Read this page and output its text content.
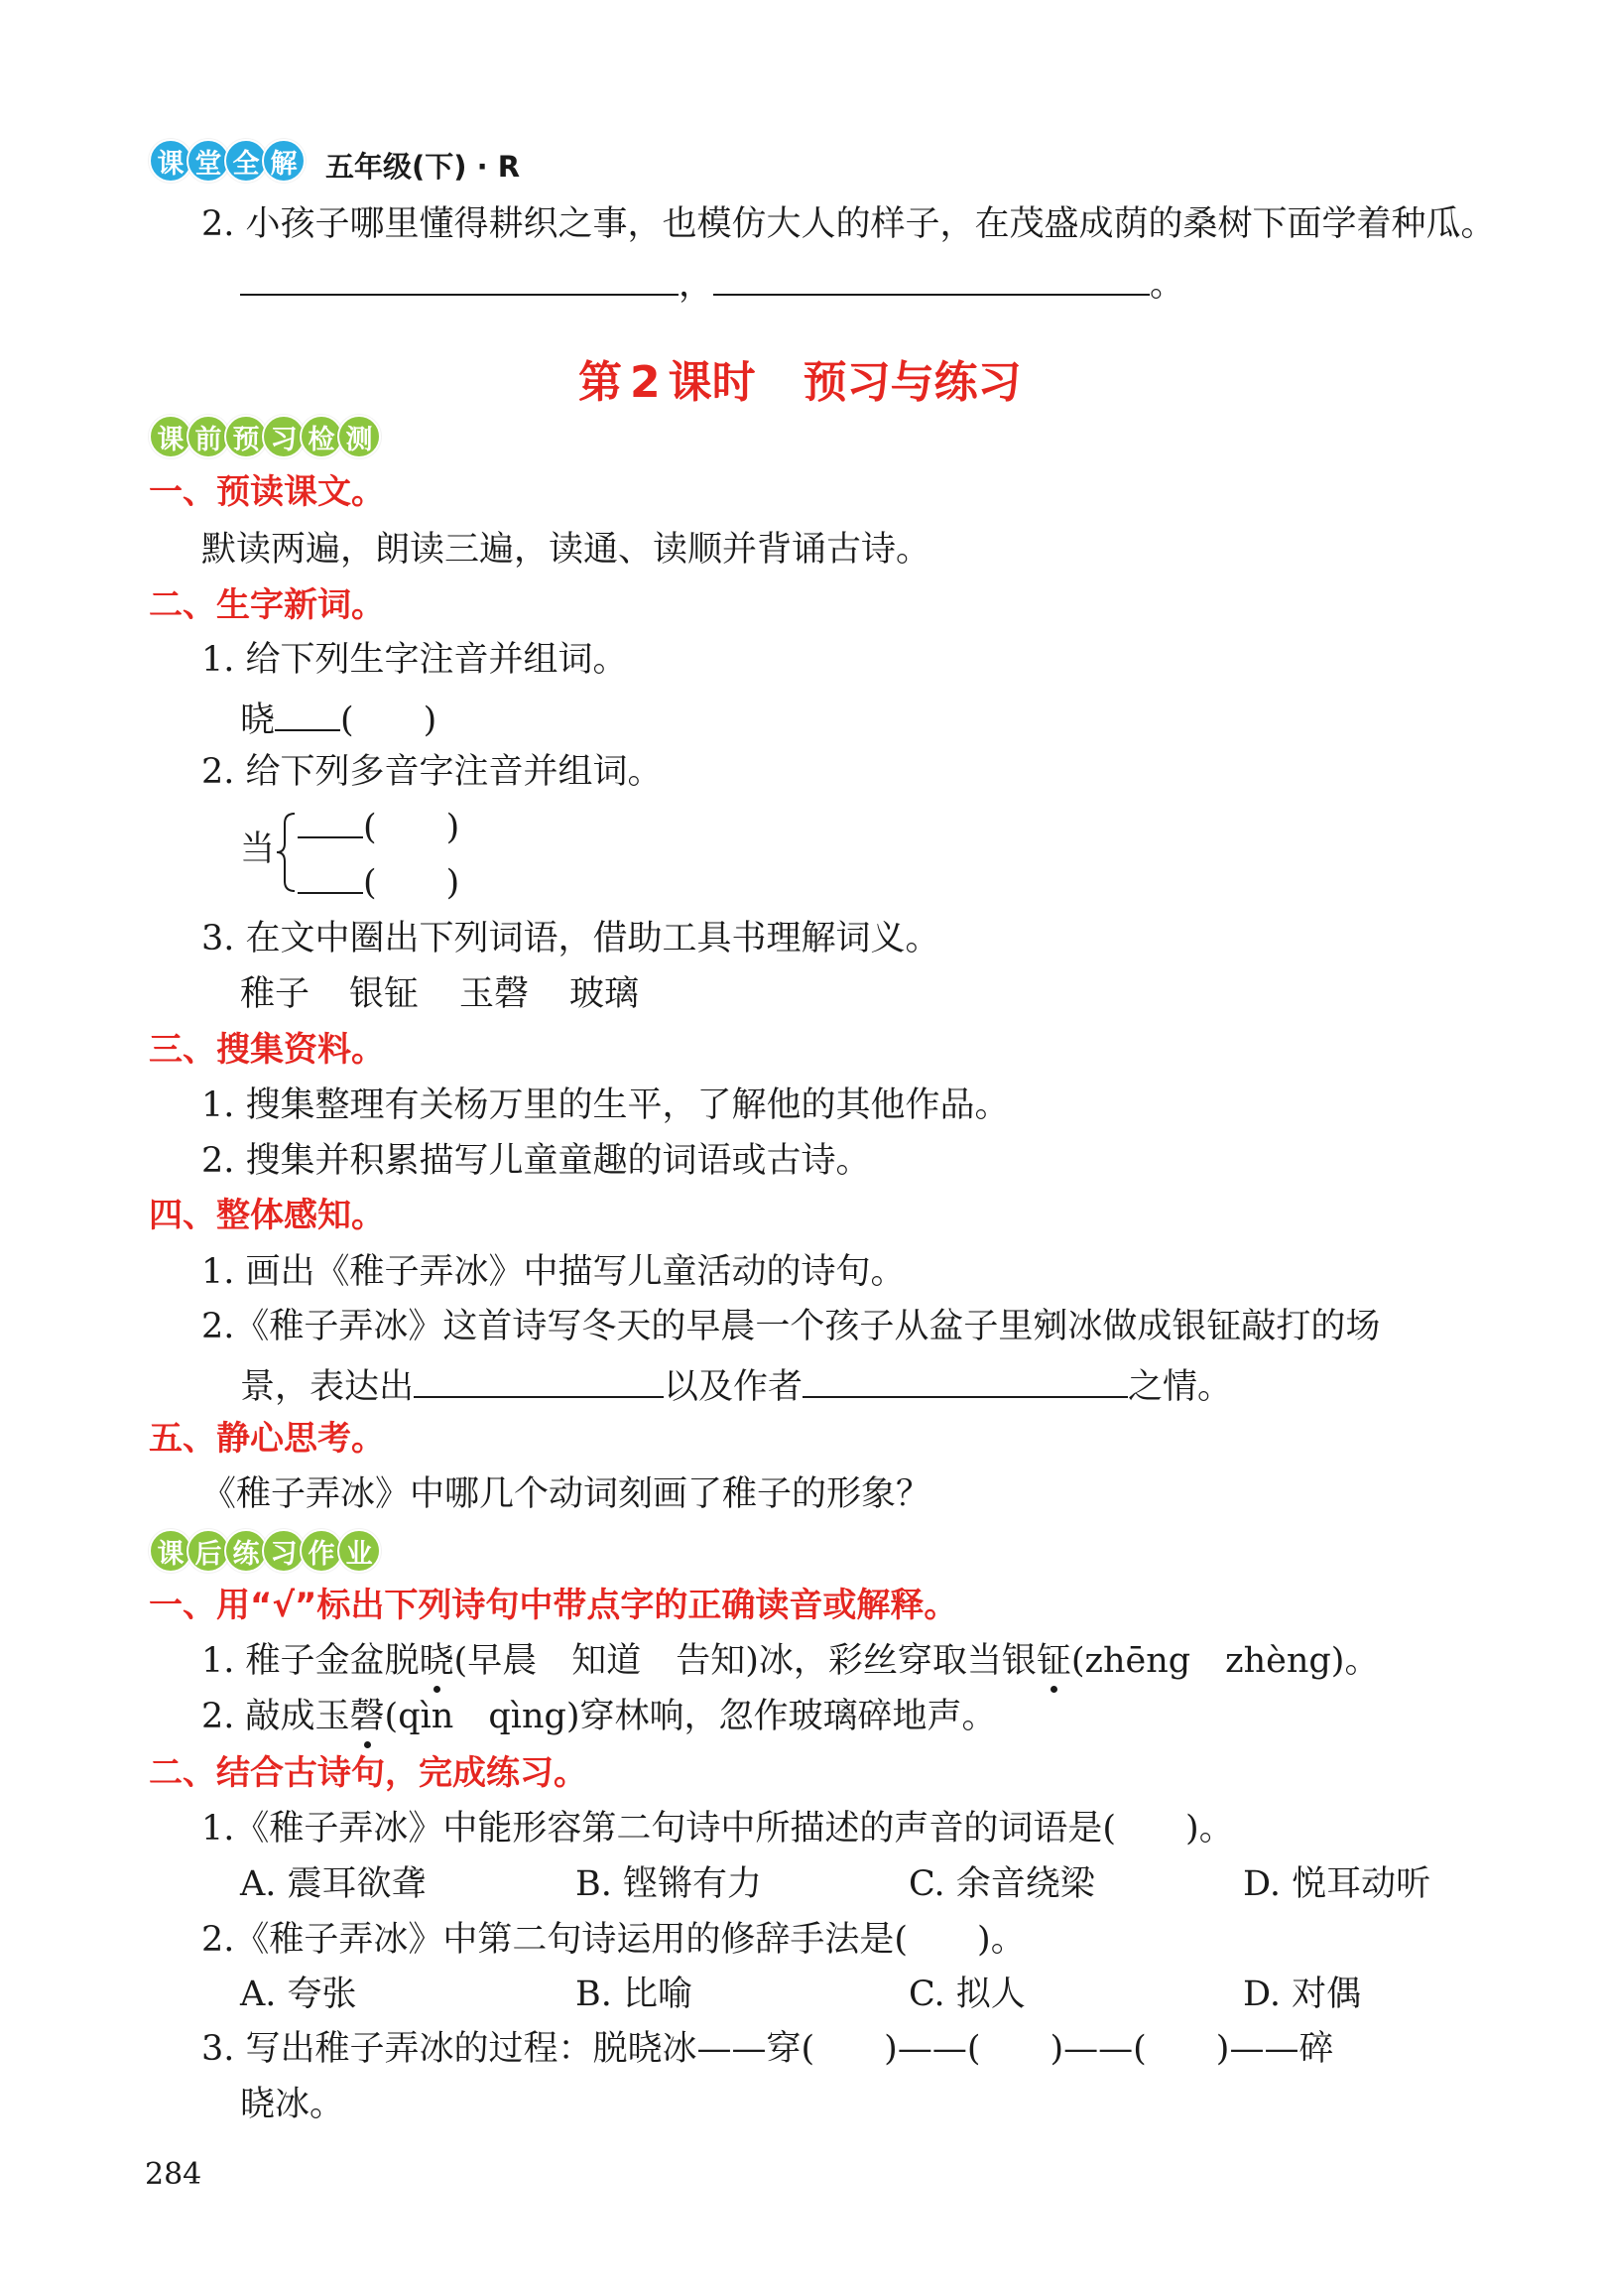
课 堂 全 解 五年级(下) · R
2. 小孩子哪里懂得耕织之事，也模仿大人的样子，在茂盛成荫的桑树下面学着种瓜。
，	。
第 2 课时 预习与练习
课 前 预 习 检 测
一、预读课文。
默读两遍，朗读三遍，读通、读顺并背诵古诗。
二、生字新词。
1. 给下列生字注音并组词。
晓 (　　)
2. 给下列多音字注音并组词。
当
(　　)
(　　)
3. 在文中圈出下列词语，借助工具书理解词义。
稚子 银钲 玉磬 玻璃
三、搜集资料。
1. 搜集整理有关杨万里的生平，了解他的其他作品。
2. 搜集并积累描写儿童童趣的词语或古诗。
四、整体感知。
1. 画出《稚子弄冰》中描写儿童活动的诗句。
2.《稚子弄冰》这首诗写冬天的早晨一个孩子从盆子里剜冰做成银钲敲打的场
景，表达出	以及作者	之情。
五、静心思考。
《稚子弄冰》中哪几个动词刻画了稚子的形象？
课 后 练 习 作 业
一、用“√”标出下列诗句中带点字的正确读音或解释。
1. 稚子金盆脱晓(早晨　知道　告知)冰，彩丝穿取当银钲(zhēng　zhèng)。
2. 敲成玉磬(qìn　qìng)穿林响，忽作玻璃碎地声。
二、结合古诗句，完成练习。
1.《稚子弄冰》中能形容第二句诗中所描述的声音的词语是(　　)。
A. 震耳欲聋	B. 铿锵有力	C. 余音绕梁	D. 悦耳动听
2.《稚子弄冰》中第二句诗运用的修辞手法是(　　)。
A. 夸张	B. 比喻	C. 拟人	D. 对偶
3. 写出稚子弄冰的过程：脱晓冰——穿(　　)——(　　)——(　　)——碎
晓冰。
284
